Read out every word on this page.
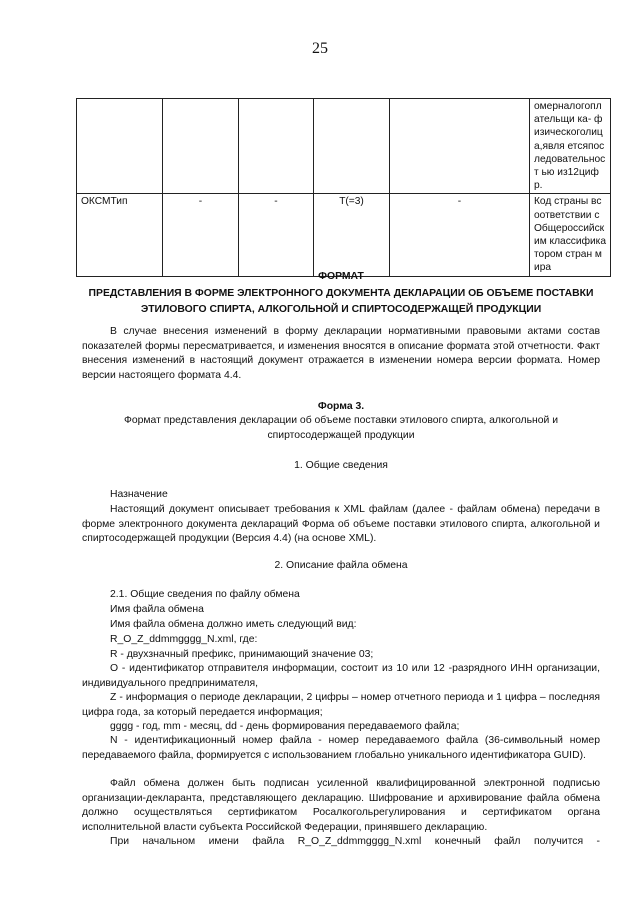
25
					омерналогоплательщи ка- физическоголица,явля етсяпоследовательност ью из12цифр.
ОКСМТип	-	-	Т(=3)	-	Код страны всоответствии с Общероссийским классификатором стран мира
ФОРМАТ
ПРЕДСТАВЛЕНИЯ В ФОРМЕ ЭЛЕКТРОННОГО ДОКУМЕНТА ДЕКЛАРАЦИИ ОБ ОБЪЕМЕ ПОСТАВКИ
ЭТИЛОВОГО СПИРТА, АЛКОГОЛЬНОЙ И СПИРТОСОДЕРЖАЩЕЙ ПРОДУКЦИИ
В случае внесения изменений в форму декларации нормативными правовыми актами состав показателей формы пересматривается, и изменения вносятся в описание формата этой отчетности. Факт внесения изменений в настоящий документ отражается в изменении номера версии формата. Номер версии настоящего формата 4.4.
Форма 3.
Формат представления декларации об объеме поставки этилового спирта, алкогольной и
спиртосодержащей продукции
1. Общие сведения
Назначение
Настоящий документ описывает требования к XML файлам (далее - файлам обмена) передачи в форме электронного документа деклараций Форма об объеме поставки этилового спирта, алкогольной и спиртосодержащей продукции (Версия 4.4) (на основе XML).
2. Описание файла обмена
2.1. Общие сведения по файлу обмена
Имя файла обмена
Имя файла обмена должно иметь следующий вид:
R_O_Z_ddmmgggg_N.xml, где:
R - двухзначный префикс, принимающий значение 03;
О - идентификатор отправителя информации, состоит из 10 или 12 -разрядного ИНН организации, индивидуального предпринимателя,
Z - информация о периоде декларации, 2 цифры – номер отчетного периода и 1 цифра – последняя цифра года, за который передается информация;
gggg - год, mm - месяц, dd - день формирования передаваемого файла;
N - идентификационный номер файла - номер передаваемого файла (36-символьный номер передаваемого файла, формируется с использованием глобально уникального идентификатора GUID).
Файл обмена должен быть подписан усиленной квалифицированной электронной подписью организации-декларанта, представляющего декларацию. Шифрование и архивирование файла обмена должно осуществляться сертификатом Росалкогольрегулирования и сертификатом органа исполнительной власти субъекта Российской Федерации, принявшего декларацию.
При начальном имени файла R_O_Z_ddmmgggg_N.xml конечный файл получится -
